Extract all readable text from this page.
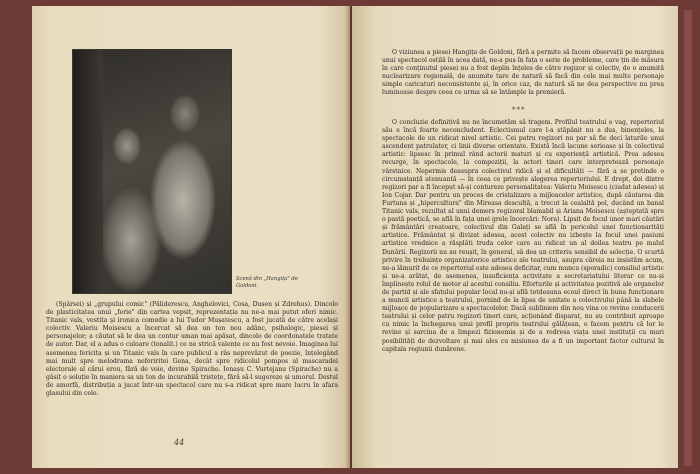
Scenă din „Hangița" de Goldoni.

(Spărsei) și „grupului comic" (Păliderescu, Anghelovici, Cosa, Dusen și Zdrehus). Dincolo de plasticitatea unui „ferie" din cartea vopsit, reprezentația nu ne-a mai putut oferi nimic. Titanic vals, vestita și ironica comedie a lui Tudor Mușatescu, a fost jucată de către același colectiv. Valeriu Moisescu a încercat să dea un ton nou adânc, psihologic, piesei și personajelor; a căutat să le dea un contur uman mai apăsat, dincolo de coordonatele tratate de autor. Dar, el a adus o culoare (tonalit.) ce ne strică valențe ce nu fost nevoie. Imaginea lui asemenea fericita și un Titanic vals în care publicul a râs neprevăzut de poezie, înțelegând mai mult spre melodrama neferiritei Gena, decât spre ridicolul pompos al mascaradei electorale al cărui erou, fără de voie, devine Spirache. Ionașu C. Vurtejanu (Spirache) nu a găsit o soluție în maniera sa un ton de incurabilă tristețe, fără să-l sugereze și umorul. Destul de amorfă, distribuția a jucat într-un spectacol care nu s-a ridicat spre mare lucru în afara glasului din cele.

44

O viziunea a piesei Hangița de Goldoni, fără a permite să facem observații pe marginea unui spectacol ostilă în acea dată, ne-a pus în fața o serie de probleme, care țin de măsura în care conținutul piesei nu a fost deplin înțeles de către regizor și colectiv, de o anumită nuclearizare regională, de anumite tare de natură să facă din cele mai multe personaje simple caricaturi neconsistente și, în orice caz, de natură să ne dea perspective nu prea luminoase despre ceea ce urma să se întâmple la premieră.

***

O concluzie definitivă nu ne încumetăm să tragem. Profilul teatrului e vag, repertoriul său e încă foarte neconcludent. Eclectismul care l-a stăpânit nu a dus, binențeles, la spectacole de un ridicat nivel artistic. Cei patru regizori nu par să fie deci laturile unui ascendent patrulater, ci linii diverse orientate. Există încă lacune serioase și în colectivul artistic: lipsesc în primul rând actorii maturi și cu experiență artistică. Prea adesea recurge, în spectacole, la compoziții, la actori tineri care interpretează personaje vârstnice. Nepermis deasupra colectivul ridică și el dificultăți — fără a se pretinde o circumstanță atenuantă — în ceea ce privește alegerea repertoriului. E drept, doi dintre regizori par a fi început să-și contureze personalitatea: Valeriu Moisescu (ciudat adesea) și Ion Cojar. Dar pentru un proces de cristalizare a mijloacelor artistice, după căutarea din Furtuna și „hipercultura" din Mireasa desculță, a trecut la cealaltă pol, ducând un banal Titanic vals, rezultat al unui demers regizoral blamabil și Ariana Moisescu (așteptată spre o pastă poetică, se află în fața unei grele încercări: Nora). Lipsit de focul unor mari căutări și frământări creatoare, colectivul din Galați se află în pericolul unei funcționarități artistice. Frământat și divizat adesea, acest colectiv nu izbește la focul unei pasiuni artistice vrednice a răsplăti truda celor care au ridicat un al doilea teatru pe malul Dunării. Regizorii nu au reușit, în general, să dea un criteriu sensibil de selecție. O scurtă privire în trebuințe organizatorice artistice ale teatrului, asupra căreia nu insistăm acum, ne-a lămurit de ce repertoriul este adesea deficitar, cum munca (sporadic) consiliul artistic și ne-a arătat, de asemenea, insuficiența activitate a secretariatului literar ce nu-și împlinește rolul de motor al acestui consiliu. Eforturile și activitatea pozitivă ale organelor de partid și ale sfatului popular local nu-și află totdeauna ecoul direct în buna funcționare a muncii artistice a teatrului, pornind de la lipsa de unitate a colectivului până la slabele mijloace de popularizare a spectacolelor. Dacă subliniem din nou vina ce revine conducerii teatrului și celor patru regizori tineri care, acționând disparat, nu au contribuit aproape cu nimic la închegarea unui profil propriu teatrului gălățean, o facem pentru că lor le revine și sarcina de a limpezi fizionomia și de a redresa viața unei instituții cu mari posibilități de dezvoltare și mai ales cu misiunea de a fi un important factor cultural în capitala regiunii dunărene.
